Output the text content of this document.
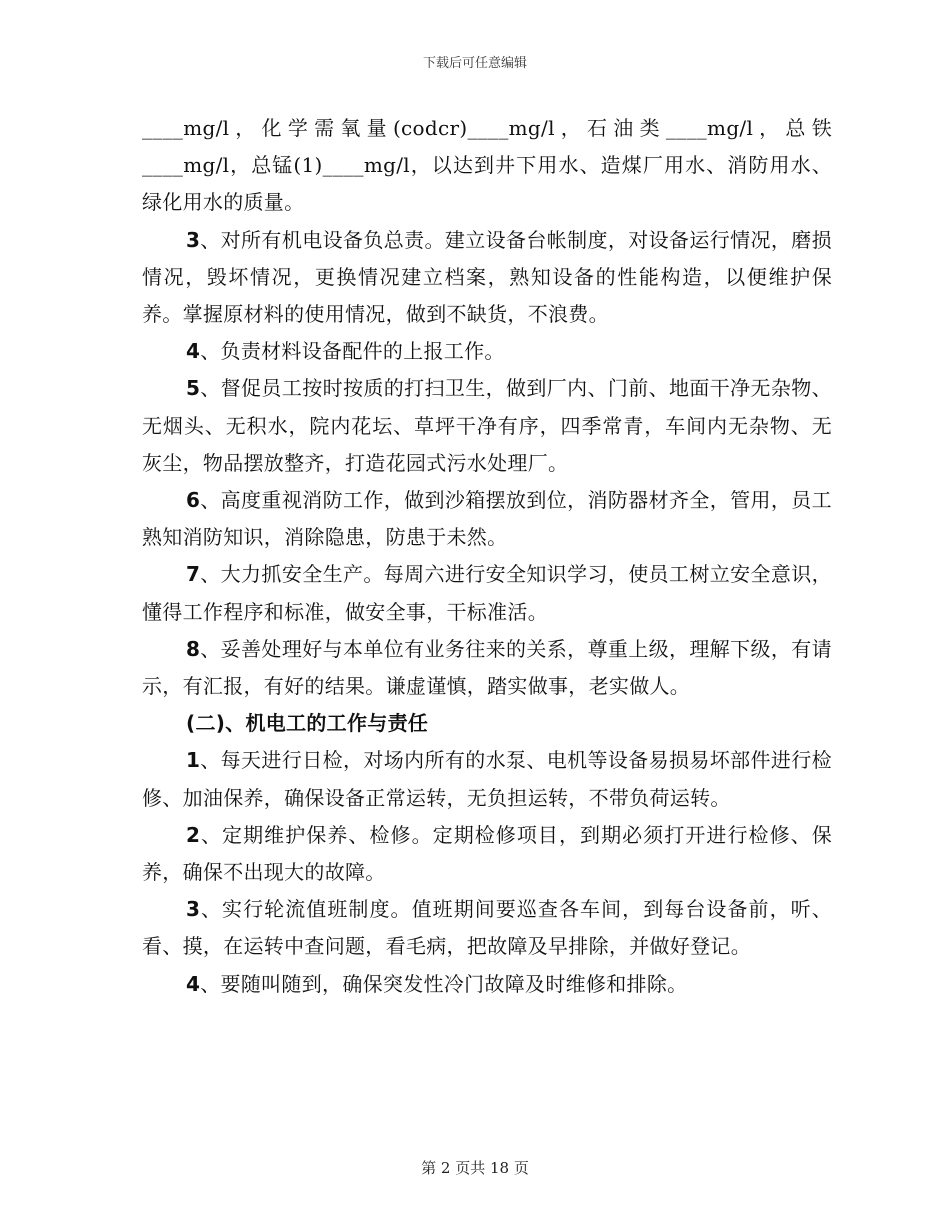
下载后可任意编辑

____mg/l，化学需氧量(codcr)____mg/l，石油类____mg/l，总铁____mg/l，总锰(1)____mg/l，以达到井下用水、造煤厂用水、消防用水、绿化用水的质量。

3、对所有机电设备负总责。建立设备台帐制度，对设备运行情况，磨损情况，毁坏情况，更换情况建立档案，熟知设备的性能构造，以便维护保养。掌握原材料的使用情况，做到不缺货，不浪费。

4、负责材料设备配件的上报工作。

5、督促员工按时按质的打扫卫生，做到厂内、门前、地面干净无杂物、无烟头、无积水，院内花坛、草坪干净有序，四季常青，车间内无杂物、无灰尘，物品摆放整齐，打造花园式污水处理厂。

6、高度重视消防工作，做到沙箱摆放到位，消防器材齐全，管用，员工熟知消防知识，消除隐患，防患于未然。

7、大力抓安全生产。每周六进行安全知识学习，使员工树立安全意识，懂得工作程序和标准，做安全事，干标准活。

8、妥善处理好与本单位有业务往来的关系，尊重上级，理解下级，有请示，有汇报，有好的结果。谦虚谨慎，踏实做事，老实做人。

(二)、机电工的工作与责任

1、每天进行日检，对场内所有的水泵、电机等设备易损易坏部件进行检修、加油保养，确保设备正常运转，无负担运转，不带负荷运转。

2、定期维护保养、检修。定期检修项目，到期必须打开进行检修、保养，确保不出现大的故障。

3、实行轮流值班制度。值班期间要巡查各车间，到每台设备前，听、看、摸，在运转中查问题，看毛病，把故障及早排除，并做好登记。

4、要随叫随到，确保突发性冷门故障及时维修和排除。

第 2 页共 18 页
